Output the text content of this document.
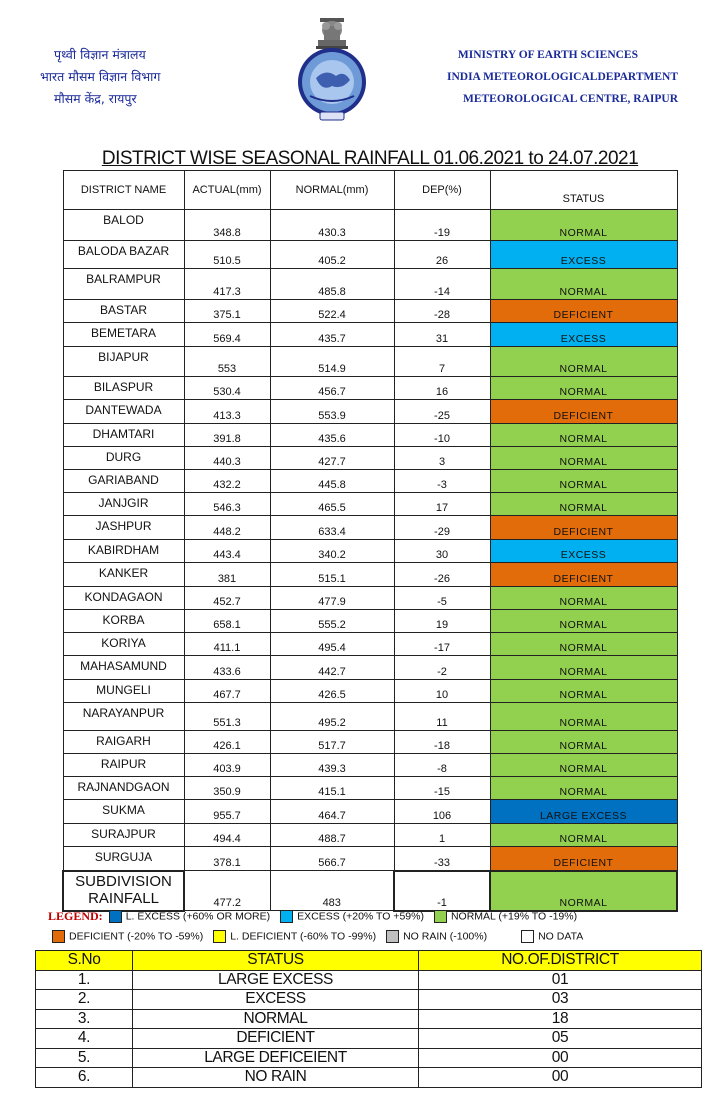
पृथ्वी विज्ञान मंत्रालय
भारत मौसम विज्ञान विभाग
मौसम केंद्र, रायपुर
MINISTRY OF EARTH SCIENCES
INDIA METEOROLOGICALDEPARTMENT
METEOROLOGICAL CENTRE, RAIPUR
DISTRICT WISE SEASONAL RAINFALL 01.06.2021 to 24.07.2021
DISTRICT NAME	ACTUAL(mm)	NORMAL(mm)	DEP(%)	STATUS
BALOD	348.8	430.3	-19	NORMAL
BALODA BAZAR	510.5	405.2	26	EXCESS
BALRAMPUR	417.3	485.8	-14	NORMAL
BASTAR	375.1	522.4	-28	DEFICIENT
BEMETARA	569.4	435.7	31	EXCESS
BIJAPUR	553	514.9	7	NORMAL
BILASPUR	530.4	456.7	16	NORMAL
DANTEWADA	413.3	553.9	-25	DEFICIENT
DHAMTARI	391.8	435.6	-10	NORMAL
DURG	440.3	427.7	3	NORMAL
GARIABAND	432.2	445.8	-3	NORMAL
JANJGIR	546.3	465.5	17	NORMAL
JASHPUR	448.2	633.4	-29	DEFICIENT
KABIRDHAM	443.4	340.2	30	EXCESS
KANKER	381	515.1	-26	DEFICIENT
KONDAGAON	452.7	477.9	-5	NORMAL
KORBA	658.1	555.2	19	NORMAL
KORIYA	411.1	495.4	-17	NORMAL
MAHASAMUND	433.6	442.7	-2	NORMAL
MUNGELI	467.7	426.5	10	NORMAL
NARAYANPUR	551.3	495.2	11	NORMAL
RAIGARH	426.1	517.7	-18	NORMAL
RAIPUR	403.9	439.3	-8	NORMAL
RAJNANDGAON	350.9	415.1	-15	NORMAL
SUKMA	955.7	464.7	106	LARGE EXCESS
SURAJPUR	494.4	488.7	1	NORMAL
SURGUJA	378.1	566.7	-33	DEFICIENT
SUBDIVISION RAINFALL	477.2	483	-1	NORMAL
LEGEND:	L. EXCESS (+60% OR MORE)	EXCESS (+20% TO +59%)	NORMAL (+19% TO -19%)
DEFICIENT (-20% TO -59%)	L. DEFICIENT (-60% TO -99%)	NO RAIN (-100%)	NO DATA
S.No	STATUS	NO.OF.DISTRICT
1.	LARGE EXCESS	01
2.	EXCESS	03
3.	NORMAL	18
4.	DEFICIENT	05
5.	LARGE DEFICEIENT	00
6.	NO RAIN	00
